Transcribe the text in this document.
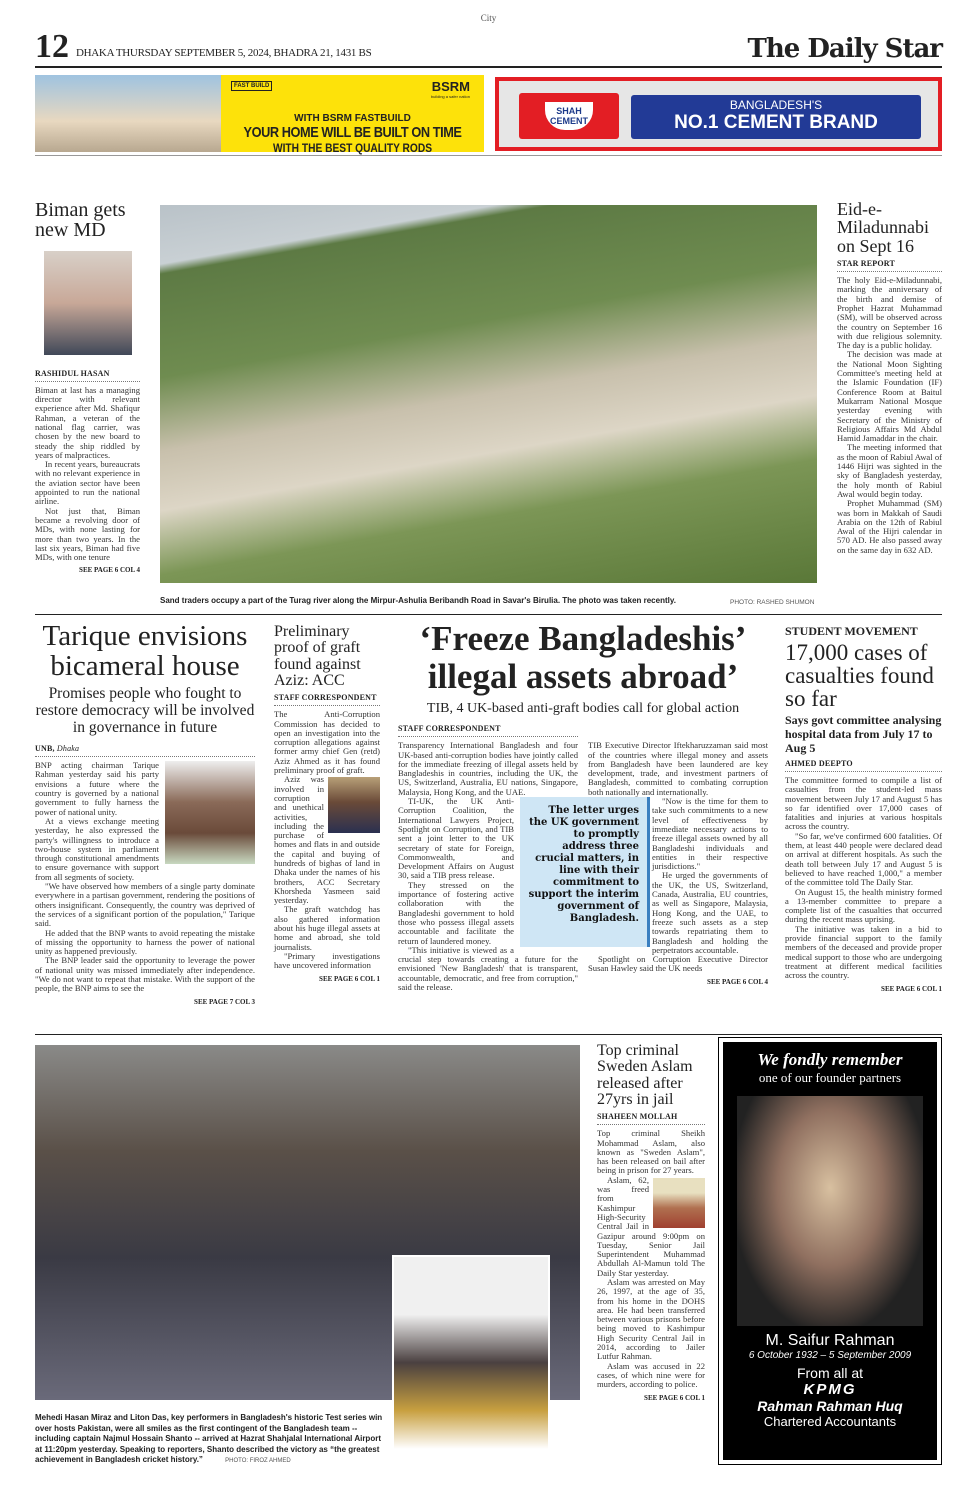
City
12 DHAKA THURSDAY SEPTEMBER 5, 2024, BHADRA 21, 1431 BS	The Daily Star
FAST BUILD	BSRM
building a safer nation
WITH BSRM FASTBUILD
YOUR HOME WILL BE BUILT ON TIME
WITH THE BEST QUALITY RODS
SHAH CEMENT
BANGLADESH'S
NO.1 CEMENT BRAND
Biman gets new MD
RASHIDUL HASAN

Biman at last has a managing director with relevant experience after Md. Shafiqur Rahman, a veteran of the national flag carrier, was chosen by the new board to steady the ship riddled by years of malpractices.

In recent years, bureaucrats with no relevant experience in the aviation sector have been appointed to run the national airline.

Not just that, Biman became a revolving door of MDs, with none lasting for more than two years. In the last six years, Biman had five MDs, with one tenure

SEE PAGE 6 COL 4
Sand traders occupy a part of the Turag river along the Mirpur-Ashulia Beribandh Road in Savar's Birulia. The photo was taken recently.	PHOTO: RASHED SHUMON
Eid-e-Miladunnabi on Sept 16
STAR REPORT

The holy Eid-e-Miladunnabi, marking the anniversary of the birth and demise of Prophet Hazrat Muhammad (SM), will be observed across the country on September 16 with due religious solemnity. The day is a public holiday.

The decision was made at the National Moon Sighting Committee's meeting held at the Islamic Foundation (IF) Conference Room at Baitul Mukarram National Mosque yesterday evening with Secretary of the Ministry of Religious Affairs Md Abdul Hamid Jamaddar in the chair.

The meeting informed that as the moon of Rabiul Awal of 1446 Hijri was sighted in the sky of Bangladesh yesterday, the holy month of Rabiul Awal would begin today.

Prophet Muhammad (SM) was born in Makkah of Saudi Arabia on the 12th of Rabiul Awal of the Hijri calendar in 570 AD. He also passed away on the same day in 632 AD.

Tarique envisions bicameral house
Promises people who fought to restore democracy will be involved in governance in future
UNB, Dhaka

BNP acting chairman Tarique Rahman yesterday said his party envisions a future where the country is governed by a national government to fully harness the power of national unity.

At a views exchange meeting yesterday, he also expressed the party's willingness to introduce a two-house system in parliament through constitutional amendments to ensure governance with support from all segments of society.

"We have observed how members of a single party dominate everywhere in a partisan government, rendering the positions of others insignificant. Consequently, the country was deprived of the services of a significant portion of the population," Tarique said.

He added that the BNP wants to avoid repeating the mistake of missing the opportunity to harness the power of national unity as happened previously.

The BNP leader said the opportunity to leverage the power of national unity was missed immediately after independence. "We do not want to repeat that mistake. With the support of the people, the BNP aims to see the

SEE PAGE 7 COL 3
Preliminary proof of graft found against Aziz: ACC
STAFF CORRESPONDENT

The Anti-Corruption Commission has decided to open an investigation into the corruption allegations against former army chief Gen (retd) Aziz Ahmed as it has found preliminary proof of graft.

Aziz was involved in corruption and unethical activities, including the purchase of homes and flats in and outside the capital and buying of hundreds of bighas of land in Dhaka under the names of his brothers, ACC Secretary Khorsheda Yasmeen said yesterday.

The graft watchdog has also gathered information about his huge illegal assets at home and abroad, she told journalists.

"Primary investigations have uncovered information

SEE PAGE 6 COL 1
‘Freeze Bangladeshis’ illegal assets abroad’
TIB, 4 UK-based anti-graft bodies call for global action
STAFF CORRESPONDENT
The letter urges the UK government to promptly address three crucial matters, in line with their commitment to support the interim government of Bangladesh.

Transparency International Bangladesh and four UK-based anti-corruption bodies have jointly called for the immediate freezing of illegal assets held by Bangladeshis in countries, including the UK, the US, Switzerland, Australia, EU nations, Singapore, Malaysia, Hong Kong, and the UAE.

TI-UK, the UK Anti-Corruption Coalition, the International Lawyers Project, Spotlight on Corruption, and TIB sent a joint letter to the UK secretary of state for Foreign, Commonwealth, and Development Affairs on August 30, said a TIB press release.

They stressed on the importance of fostering active collaboration with the Bangladeshi government to hold those who possess illegal assets accountable and facilitate the return of laundered money.

"This initiative is viewed as a crucial step towards creating a future for the envisioned 'New Bangladesh' that is transparent, accountable, democratic, and free from corruption," said the release.

TIB Executive Director Iftekharuzzaman said most of the countries where illegal money and assets from Bangladesh have been laundered are key development, trade, and investment partners of Bangladesh, committed to combating corruption both nationally and internationally.

"Now is the time for them to take such commitments to a new level of effectiveness by immediate necessary actions to freeze illegal assets owned by all Bangladeshi individuals and entities in their respective jurisdictions."

He urged the governments of the UK, the US, Switzerland, Canada, Australia, EU countries, as well as Singapore, Malaysia, Hong Kong, and the UAE, to freeze such assets as a step towards repatriating them to Bangladesh and holding the perpetrators accountable.

Spotlight on Corruption Executive Director Susan Hawley said the UK needs

SEE PAGE 6 COL 4
STUDENT MOVEMENT
17,000 cases of casualties found so far
Says govt committee analysing hospital data from July 17 to Aug 5
AHMED DEEPTO

The committee formed to compile a list of casualties from the student-led mass movement between July 17 and August 5 has so far identified over 17,000 cases of fatalities and injuries at various hospitals across the country.

"So far, we've confirmed 600 fatalities. Of them, at least 440 people were declared dead on arrival at different hospitals. As such the death toll between July 17 and August 5 is believed to have reached 1,000," a member of the committee told The Daily Star.

On August 15, the health ministry formed a 13-member committee to prepare a complete list of the casualties that occurred during the recent mass uprising.

The initiative was taken in a bid to provide financial support to the family members of the deceased and provide proper medical support to those who are undergoing treatment at different medical facilities across the country.

SEE PAGE 6 COL 1
Mehedi Hasan Miraz and Liton Das, key performers in Bangladesh's historic Test series win over hosts Pakistan, were all smiles as the first contingent of the Bangladesh team -- including captain Najmul Hossain Shanto -- arrived at Hazrat Shahjalal International Airport at 11:20pm yesterday. Speaking to reporters, Shanto described the victory as “the greatest achievement in Bangladesh cricket history.”	PHOTO: FIROZ AHMED
Top criminal Sweden Aslam released after 27yrs in jail
SHAHEEN MOLLAH

Top criminal Sheikh Mohammad Aslam, also known as "Sweden Aslam", has been released on bail after being in prison for 27 years.

Aslam, 62, was freed from Kashimpur High-Security Central Jail in Gazipur around 9:00pm on Tuesday, Senior Jail Superintendent Muhammad Abdullah Al-Mamun told The Daily Star yesterday.

Aslam was arrested on May 26, 1997, at the age of 35, from his home in the DOHS area. He had been transferred between various prisons before being moved to Kashimpur High Security Central Jail in 2014, according to Jailer Lutfur Rahman.

Aslam was accused in 22 cases, of which nine were for murders, according to police.

SEE PAGE 6 COL 1
We fondly remember
one of our founder partners
M. Saifur Rahman
6 October 1932 – 5 September 2009
From all at
KPMG
Rahman Rahman Huq
Chartered Accountants
